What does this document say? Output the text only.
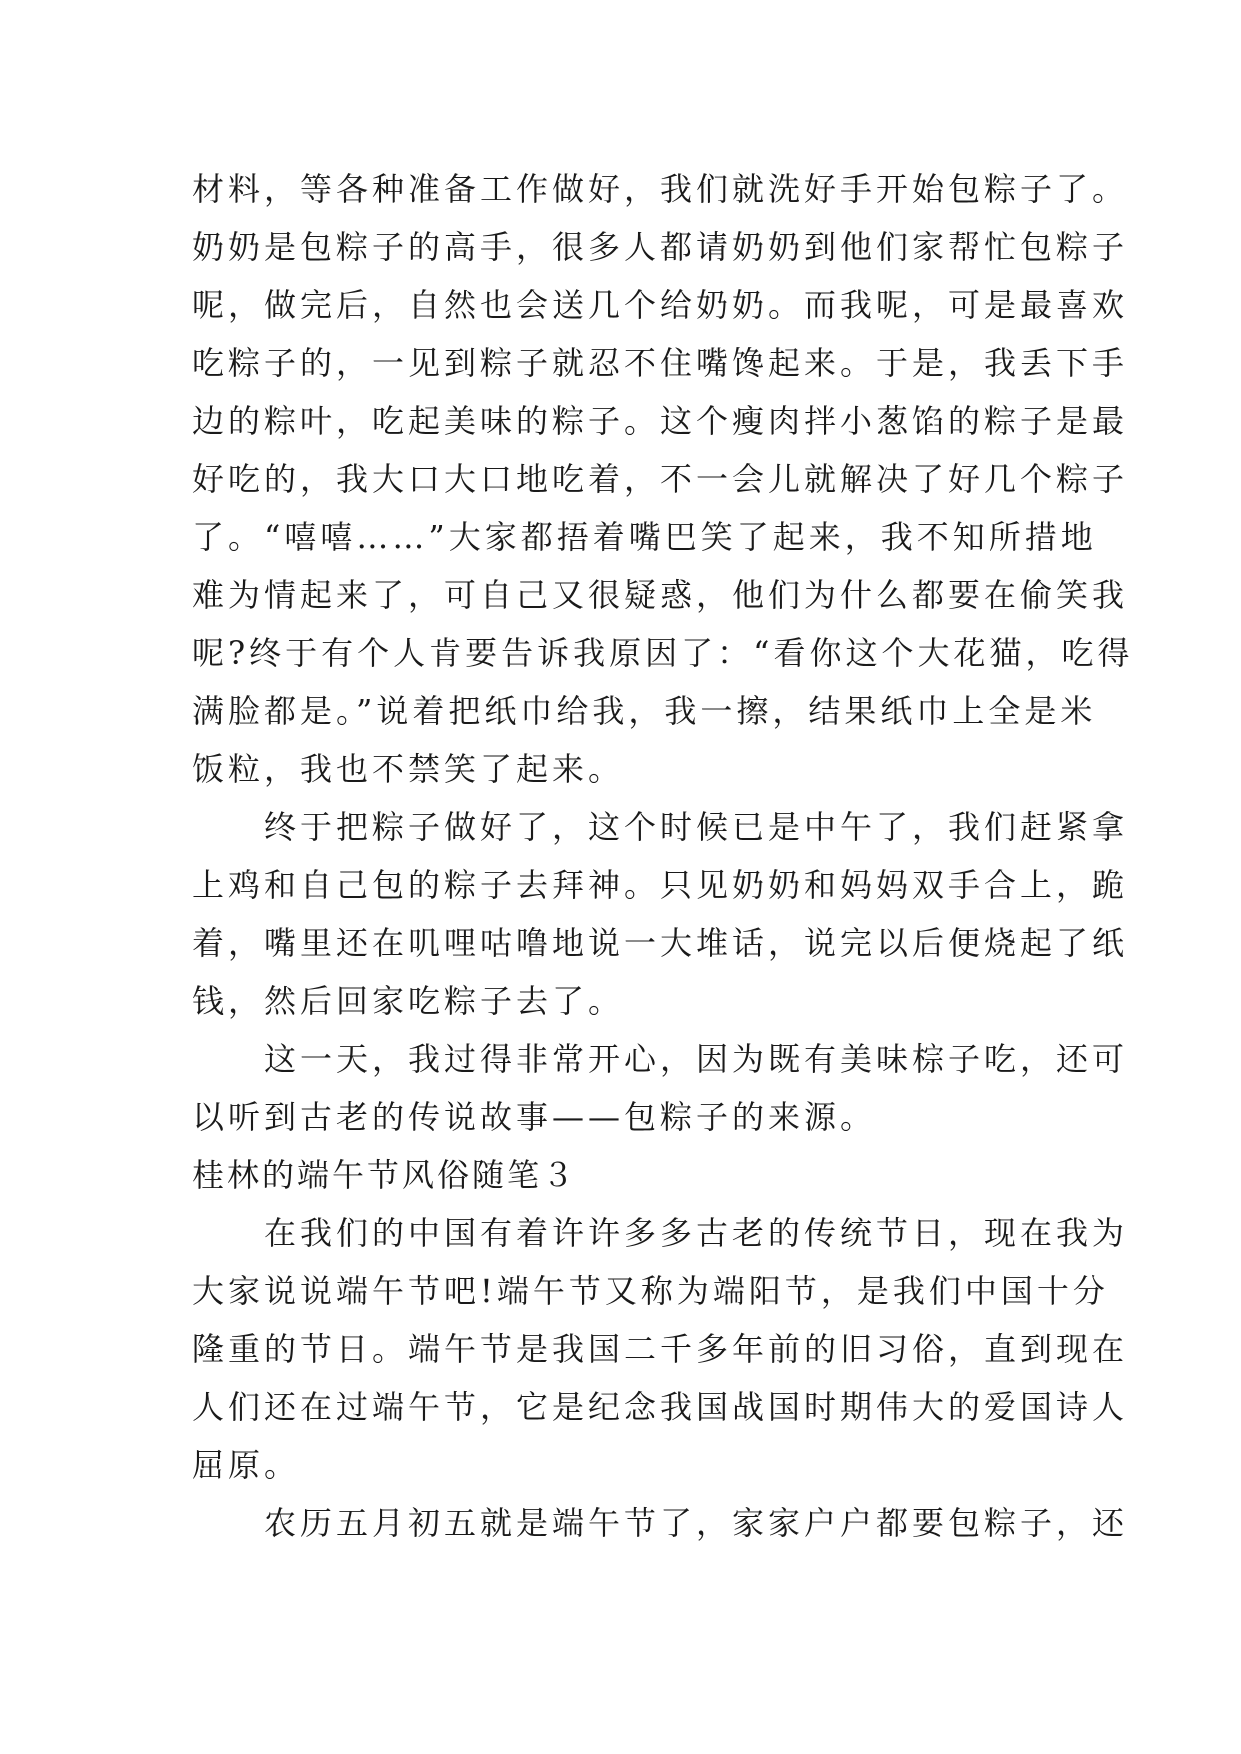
材料，等各种准备工作做好，我们就洗好手开始包粽子了。
奶奶是包粽子的高手，很多人都请奶奶到他们家帮忙包粽子
呢，做完后，自然也会送几个给奶奶。而我呢，可是最喜欢
吃粽子的，一见到粽子就忍不住嘴馋起来。于是，我丢下手
边的粽叶，吃起美味的粽子。这个瘦肉拌小葱馅的粽子是最
好吃的，我大口大口地吃着，不一会儿就解决了好几个粽子
了。“嘻嘻……”大家都捂着嘴巴笑了起来，我不知所措地
难为情起来了，可自己又很疑惑，他们为什么都要在偷笑我
呢?终于有个人肯要告诉我原因了：“看你这个大花猫，吃得
满脸都是。”说着把纸巾给我，我一擦，结果纸巾上全是米
饭粒，我也不禁笑了起来。
　　终于把粽子做好了，这个时候已是中午了，我们赶紧拿
上鸡和自己包的粽子去拜神。只见奶奶和妈妈双手合上，跪
着，嘴里还在叽哩咕噜地说一大堆话，说完以后便烧起了纸
钱，然后回家吃粽子去了。
　　这一天，我过得非常开心，因为既有美味棕子吃，还可
以听到古老的传说故事——包粽子的来源。
桂林的端午节风俗随笔３
　　在我们的中国有着许许多多古老的传统节日，现在我为
大家说说端午节吧!端午节又称为端阳节，是我们中国十分
隆重的节日。端午节是我国二千多年前的旧习俗，直到现在
人们还在过端午节，它是纪念我国战国时期伟大的爱国诗人
屈原。
　　农历五月初五就是端午节了，家家户户都要包粽子，还
